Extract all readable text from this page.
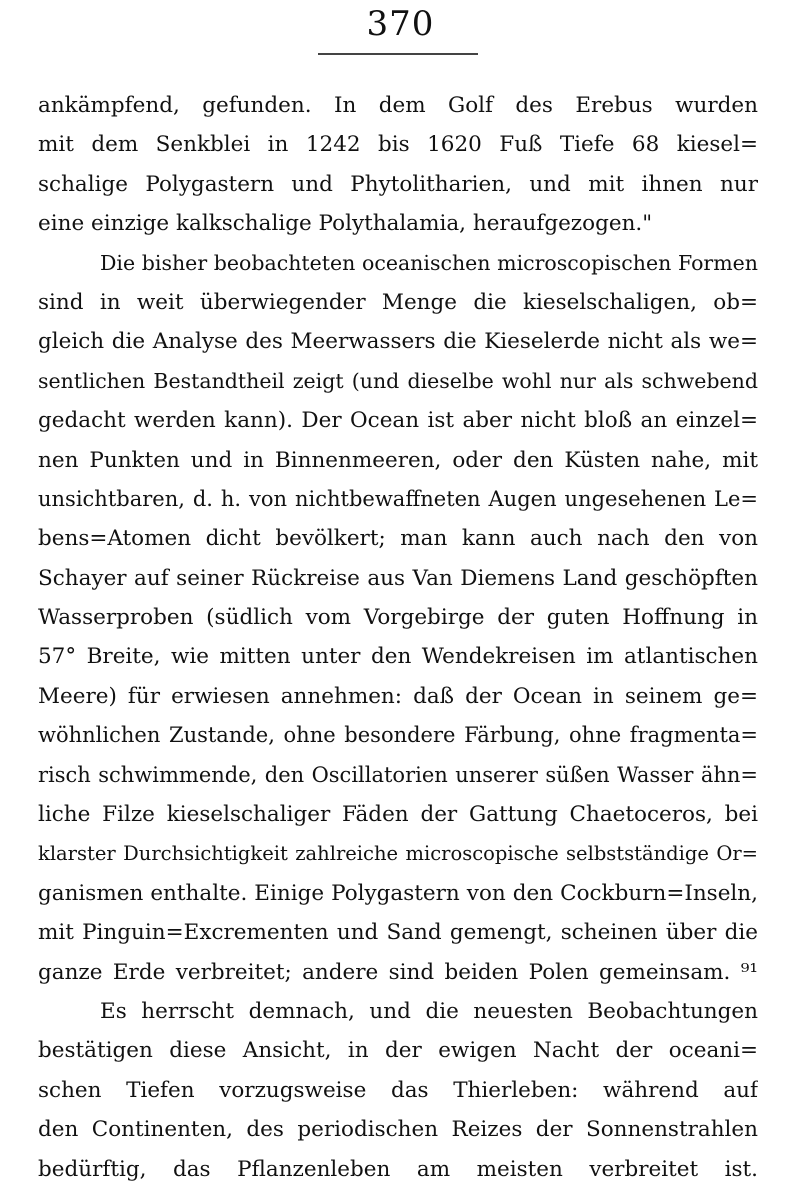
370
ankämpfend, gefunden. In dem Golf des Erebus wurden
mit dem Senkblei in 1242 bis 1620 Fuß Tiefe 68 kiesel=
schalige Polygastern und Phytolitharien, und mit ihnen nur
eine einzige kalkschalige Polythalamia, heraufgezogen."
Die bisher beobachteten oceanischen microscopischen Formen
sind in weit überwiegender Menge die kieselschaligen, ob=
gleich die Analyse des Meerwassers die Kieselerde nicht als we=
sentlichen Bestandtheil zeigt (und dieselbe wohl nur als schwebend
gedacht werden kann). Der Ocean ist aber nicht bloß an einzel=
nen Punkten und in Binnenmeeren, oder den Küsten nahe, mit
unsichtbaren, d. h. von nichtbewaffneten Augen ungesehenen Le=
bens=Atomen dicht bevölkert; man kann auch nach den von
Schayer auf seiner Rückreise aus Van Diemens Land geschöpften
Wasserproben (südlich vom Vorgebirge der guten Hoffnung in
57° Breite, wie mitten unter den Wendekreisen im atlantischen
Meere) für erwiesen annehmen: daß der Ocean in seinem ge=
wöhnlichen Zustande, ohne besondere Färbung, ohne fragmenta=
risch schwimmende, den Oscillatorien unserer süßen Wasser ähn=
liche Filze kieselschaliger Fäden der Gattung Chaetoceros, bei
klarster Durchsichtigkeit zahlreiche microscopische selbstständige Or=
ganismen enthalte. Einige Polygastern von den Cockburn=Inseln,
mit Pinguin=Excrementen und Sand gemengt, scheinen über die
ganze Erde verbreitet; andere sind beiden Polen gemeinsam. ⁹¹
Es herrscht demnach, und die neuesten Beobachtungen
bestätigen diese Ansicht, in der ewigen Nacht der oceani=
schen Tiefen vorzugsweise das Thierleben: während auf
den Continenten, des periodischen Reizes der Sonnenstrahlen
bedürftig, das Pflanzenleben am meisten verbreitet ist.
